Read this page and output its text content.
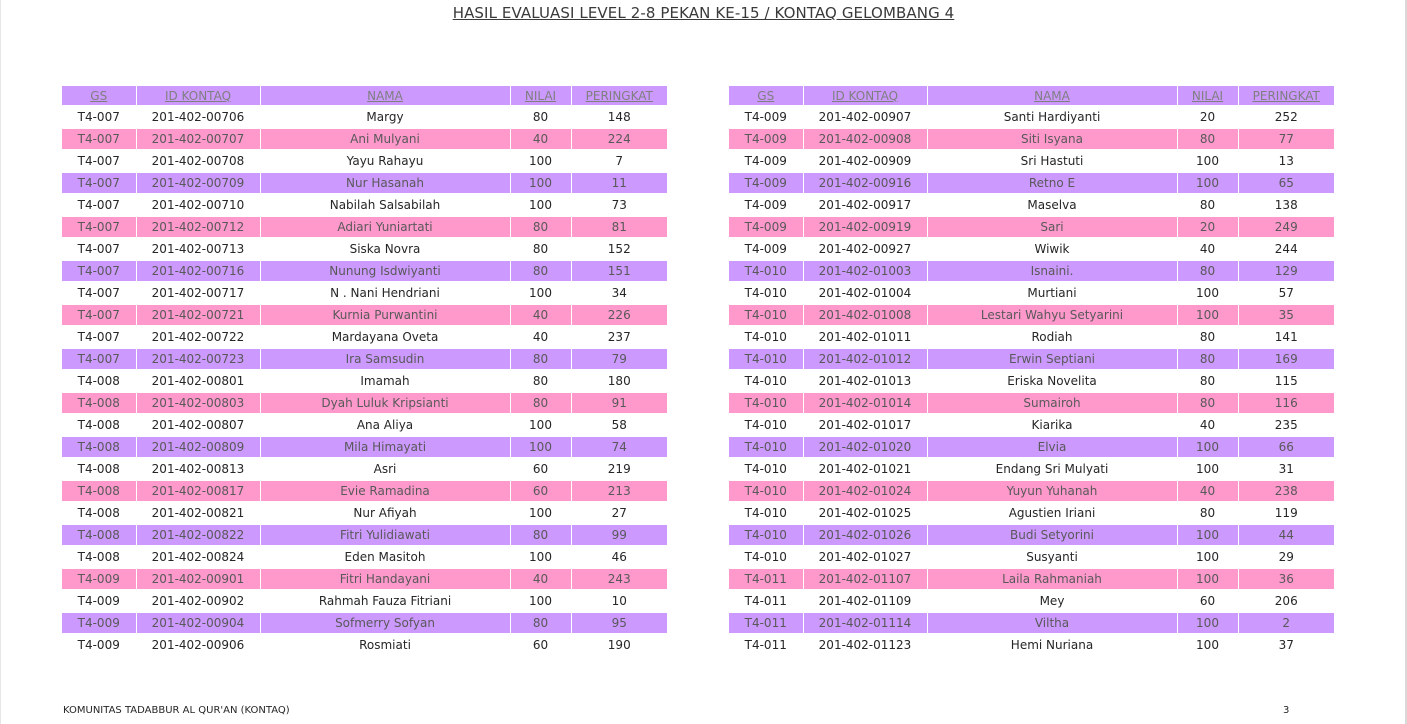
HASIL EVALUASI LEVEL 2-8 PEKAN KE-15 / KONTAQ GELOMBANG 4
GS	ID KONTAQ	NAMA	NILAI	PERINGKAT
T4-007	201-402-00706	Margy	80	148
T4-007	201-402-00707	Ani Mulyani	40	224
T4-007	201-402-00708	Yayu Rahayu	100	7
T4-007	201-402-00709	Nur Hasanah	100	11
T4-007	201-402-00710	Nabilah Salsabilah	100	73
T4-007	201-402-00712	Adiari Yuniartati	80	81
T4-007	201-402-00713	Siska Novra	80	152
T4-007	201-402-00716	Nunung Isdwiyanti	80	151
T4-007	201-402-00717	N . Nani Hendriani	100	34
T4-007	201-402-00721	Kurnia Purwantini	40	226
T4-007	201-402-00722	Mardayana Oveta	40	237
T4-007	201-402-00723	Ira Samsudin	80	79
T4-008	201-402-00801	Imamah	80	180
T4-008	201-402-00803	Dyah Luluk Kripsianti	80	91
T4-008	201-402-00807	Ana Aliya	100	58
T4-008	201-402-00809	Mila Himayati	100	74
T4-008	201-402-00813	Asri	60	219
T4-008	201-402-00817	Evie Ramadina	60	213
T4-008	201-402-00821	Nur Afiyah	100	27
T4-008	201-402-00822	Fitri Yulidiawati	80	99
T4-008	201-402-00824	Eden Masitoh	100	46
T4-009	201-402-00901	Fitri Handayani	40	243
T4-009	201-402-00902	Rahmah Fauza Fitriani	100	10
T4-009	201-402-00904	Sofmerry Sofyan	80	95
T4-009	201-402-00906	Rosmiati	60	190
GS	ID KONTAQ	NAMA	NILAI	PERINGKAT
T4-009	201-402-00907	Santi Hardiyanti	20	252
T4-009	201-402-00908	Siti Isyana	80	77
T4-009	201-402-00909	Sri Hastuti	100	13
T4-009	201-402-00916	Retno E	100	65
T4-009	201-402-00917	Maselva	80	138
T4-009	201-402-00919	Sari	20	249
T4-009	201-402-00927	Wiwik	40	244
T4-010	201-402-01003	Isnaini.	80	129
T4-010	201-402-01004	Murtiani	100	57
T4-010	201-402-01008	Lestari Wahyu Setyarini	100	35
T4-010	201-402-01011	Rodiah	80	141
T4-010	201-402-01012	Erwin Septiani	80	169
T4-010	201-402-01013	Eriska Novelita	80	115
T4-010	201-402-01014	Sumairoh	80	116
T4-010	201-402-01017	Kiarika	40	235
T4-010	201-402-01020	Elvia	100	66
T4-010	201-402-01021	Endang Sri Mulyati	100	31
T4-010	201-402-01024	Yuyun Yuhanah	40	238
T4-010	201-402-01025	Agustien Iriani	80	119
T4-010	201-402-01026	Budi Setyorini	100	44
T4-010	201-402-01027	Susyanti	100	29
T4-011	201-402-01107	Laila Rahmaniah	100	36
T4-011	201-402-01109	Mey	60	206
T4-011	201-402-01114	Viltha	100	2
T4-011	201-402-01123	Hemi Nuriana	100	37
KOMUNITAS TADABBUR AL QUR'AN (KONTAQ)	3
